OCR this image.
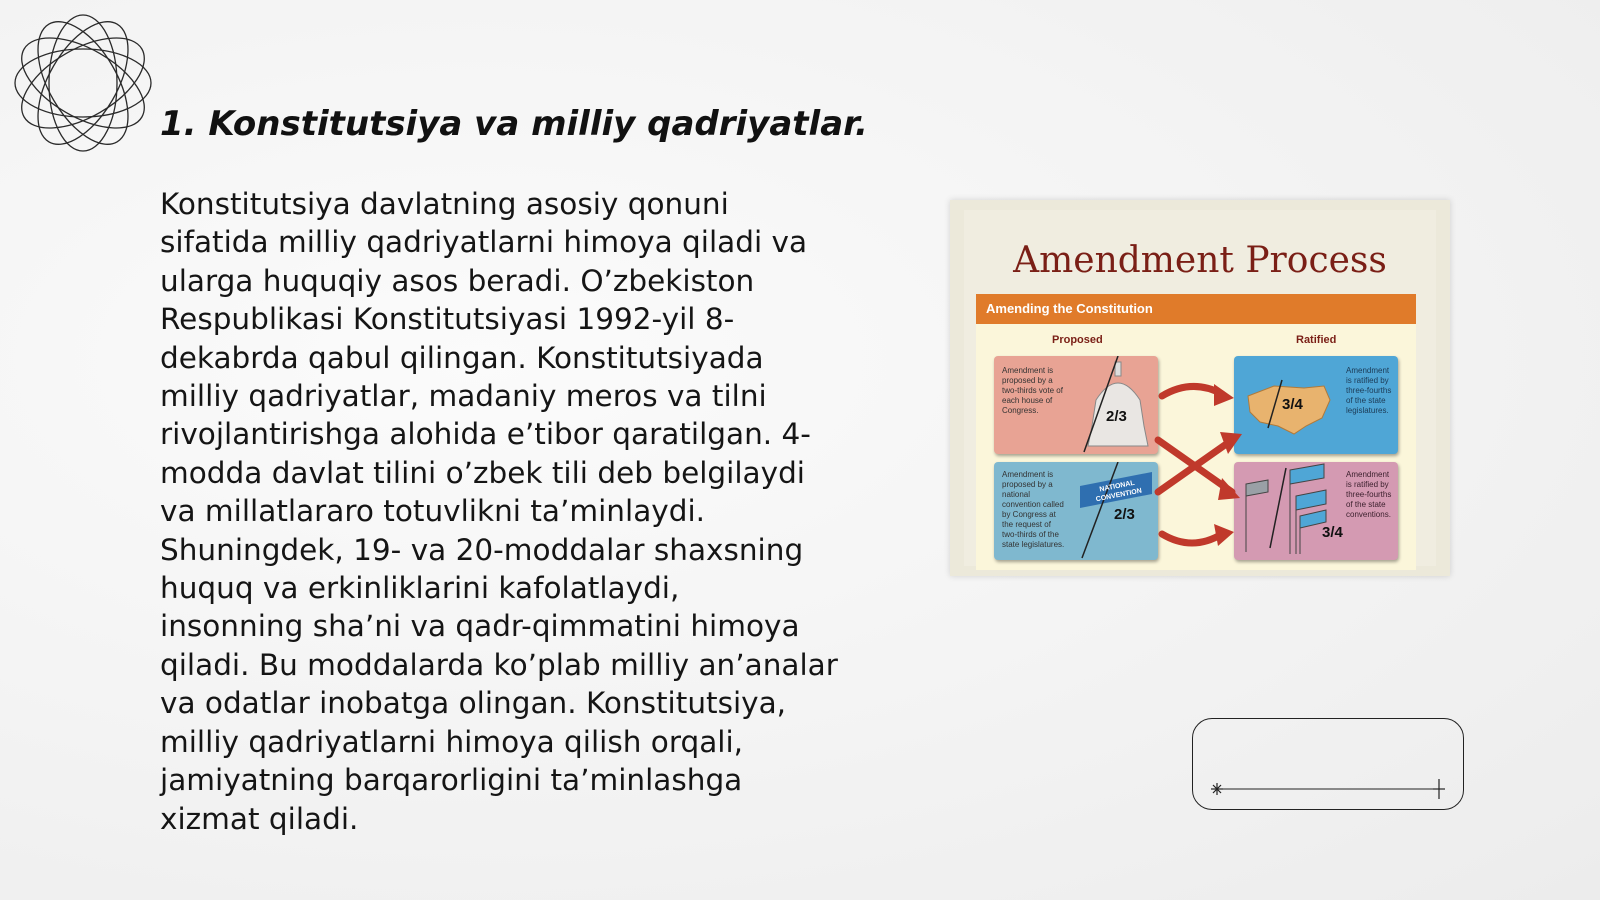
1. Konstitutsiya va milliy qadriyatlar.

Konstitutsiya davlatning asosiy qonuni
sifatida milliy qadriyatlarni himoya qiladi va
ularga huquqiy asos beradi. O’zbekiston
Respublikasi Konstitutsiyasi 1992-yil 8-
dekabrda qabul qilingan. Konstitutsiyada
milliy qadriyatlar, madaniy meros va tilni
rivojlantirishga alohida e’tibor qaratilgan. 4-
modda davlat tilini o’zbek tili deb belgilaydi
va millatlararo totuvlikni ta’minlaydi.
Shuningdek, 19- va 20-moddalar shaxsning
huquq va erkinliklarini kafolatlaydi,
insonning sha’ni va qadr-qimmatini himoya
qiladi. Bu moddalarda ko’plab milliy an’analar
va odatlar inobatga olingan. Konstitutsiya,
milliy qadriyatlarni himoya qilish orqali,
jamiyatning barqarorligini ta’minlashga
xizmat qiladi.

Amendment Process
Amending the Constitution
Proposed	Ratified
Amendment is proposed by a two-thirds vote of each house of Congress.	2/3
Amendment is proposed by a national convention called by Congress at the request of two-thirds of the state legislatures.
NATIONAL CONVENTION
2/3
3/4
Amendment is ratified by three-fourths of the state legislatures.
3/4
Amendment is ratified by three-fourths of the state conventions.
